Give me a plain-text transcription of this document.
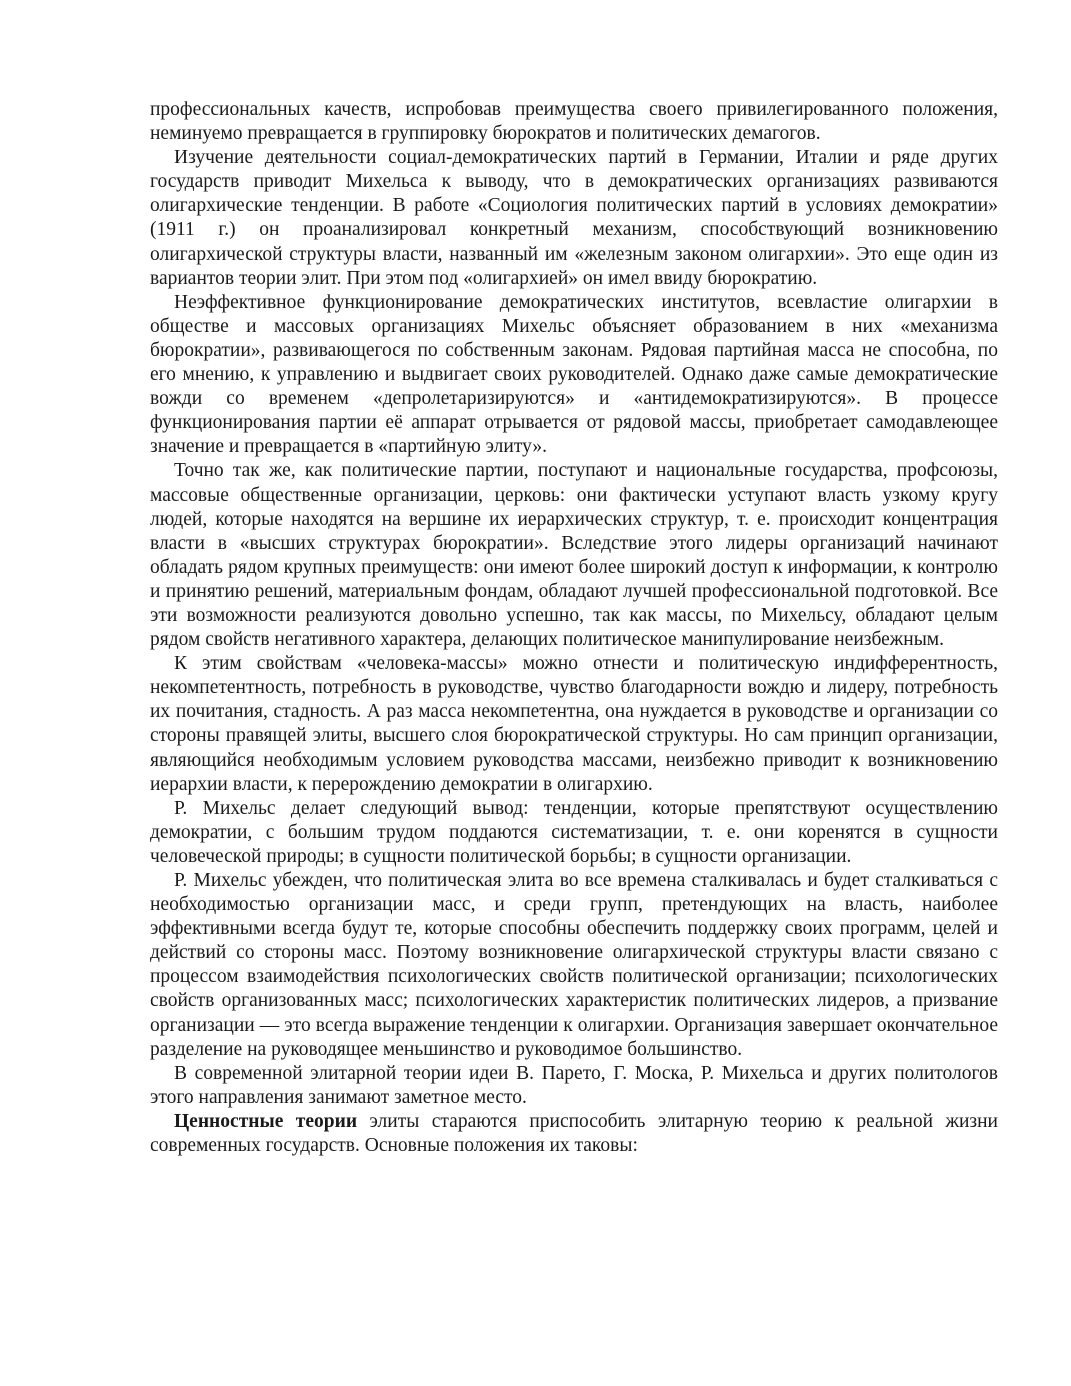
профессиональных качеств, испробовав преимущества своего привилегированного положения, неминуемо превращается в группировку бюрократов и политических демагогов.

Изучение деятельности социал-демократических партий в Германии, Италии и ряде других государств приводит Михельса к выводу, что в демократических организациях развиваются олигархические тенденции. В работе «Социология политических партий в условиях демократии» (1911 г.) он проанализировал конкретный механизм, способствующий возникновению олигархической структуры власти, названный им «железным законом олигархии». Это еще один из вариантов теории элит. При этом под «олигархией» он имел ввиду бюрократию.

Неэффективное функционирование демократических институтов, всевластие олигархии в обществе и массовых организациях Михельс объясняет образованием в них «механизма бюрократии», развивающегося по собственным законам. Рядовая партийная масса не способна, по его мнению, к управлению и выдвигает своих руководителей. Однако даже самые демократические вожди со временем «депролетаризируются» и «антидемократизируются». В процессе функционирования партии её аппарат отрывается от рядовой массы, приобретает самодавлеющее значение и превращается в «партийную элиту».

Точно так же, как политические партии, поступают и национальные государства, профсоюзы, массовые общественные организации, церковь: они фактически уступают власть узкому кругу людей, которые находятся на вершине их иерархических структур, т. е. происходит концентрация власти в «высших структурах бюрократии». Вследствие этого лидеры организаций начинают обладать рядом крупных преимуществ: они имеют более широкий доступ к информации, к контролю и принятию решений, материальным фондам, обладают лучшей профессиональной подготовкой. Все эти возможности реализуются довольно успешно, так как массы, по Михельсу, обладают целым рядом свойств негативного характера, делающих политическое манипулирование неизбежным.

К этим свойствам «человека-массы» можно отнести и политическую индифферентность, некомпетентность, потребность в руководстве, чувство благодарности вождю и лидеру, потребность их почитания, стадность. А раз масса некомпетентна, она нуждается в руководстве и организации со стороны правящей элиты, высшего слоя бюрократической структуры. Но сам принцип организации, являющийся необходимым условием руководства массами, неизбежно приводит к возникновению иерархии власти, к перерождению демократии в олигархию.

Р. Михельс делает следующий вывод: тенденции, которые препятствуют осуществлению демократии, с большим трудом поддаются систематизации, т. е. они коренятся в сущности человеческой природы; в сущности политической борьбы; в сущности организации.

Р. Михельс убежден, что политическая элита во все времена сталкивалась и будет сталкиваться с необходимостью организации масс, и среди групп, претендующих на власть, наиболее эффективными всегда будут те, которые способны обеспечить поддержку своих программ, целей и действий со стороны масс. Поэтому возникновение олигархической структуры власти связано с процессом взаимодействия психологических свойств политической организации; психологических свойств организованных масс; психологических характеристик политических лидеров, а призвание организации — это всегда выражение тенденции к олигархии. Организация завершает окончательное разделение на руководящее меньшинство и руководимое большинство.

В современной элитарной теории идеи В. Парето, Г. Моска, Р. Михельса и других политологов этого направления занимают заметное место.

Ценностные теории элиты стараются приспособить элитарную теорию к реальной жизни современных государств. Основные положения их таковы:
